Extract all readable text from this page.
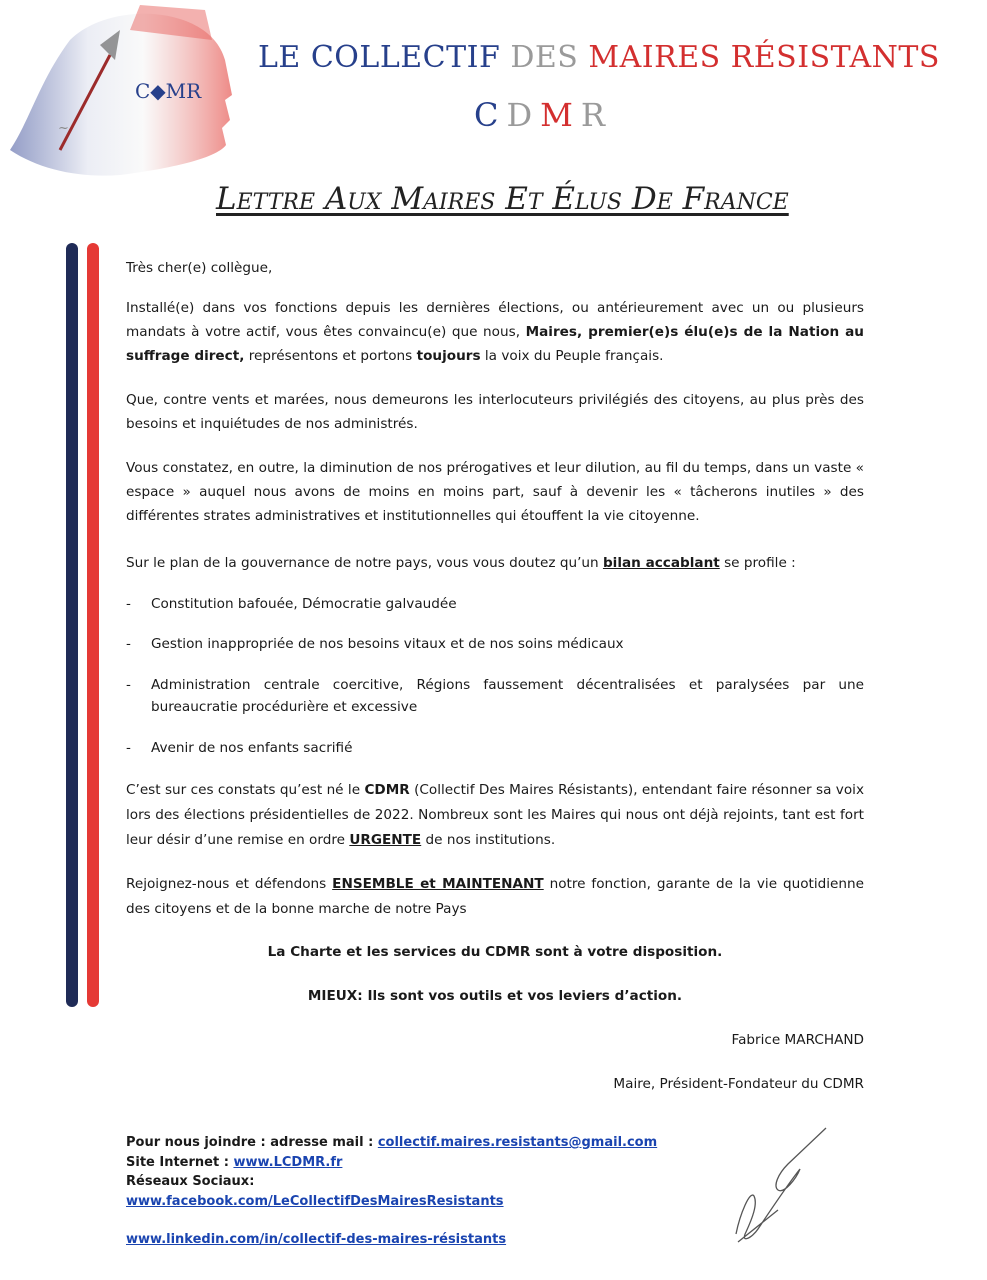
C◆MR
~
LE COLLECTIF DES MAIRES RÉSISTANTS
CDMR
Lettre Aux Maires Et Élus De France

Très cher(e) collègue,

Installé(e) dans vos fonctions depuis les dernières élections, ou antérieurement avec un ou plusieurs mandats à votre actif, vous êtes convaincu(e) que nous, Maires, premier(e)s élu(e)s de la Nation au suffrage direct, représentons et portons toujours la voix du Peuple français.

Que, contre vents et marées, nous demeurons les interlocuteurs privilégiés des citoyens, au plus près des besoins et inquiétudes de nos administrés.

Vous constatez, en outre, la diminution de nos prérogatives et leur dilution, au fil du temps, dans un vaste « espace » auquel nous avons de moins en moins part, sauf à devenir les « tâcherons inutiles » des différentes strates administratives et institutionnelles qui étouffent la vie citoyenne.

Sur le plan de la gouvernance de notre pays, vous vous doutez qu’un bilan accablant se profile :

-	Constitution bafouée, Démocratie galvaudée
-	Gestion inappropriée de nos besoins vitaux et de nos soins médicaux
-	Administration centrale coercitive, Régions faussement décentralisées et paralysées par une bureaucratie procédurière et excessive
-	Avenir de nos enfants sacrifié

C’est sur ces constats qu’est né le CDMR (Collectif Des Maires Résistants), entendant faire résonner sa voix lors des élections présidentielles de 2022. Nombreux sont les Maires qui nous ont déjà rejoints, tant est fort leur désir d’une remise en ordre URGENTE de nos institutions.

Rejoignez-nous et défendons ENSEMBLE et MAINTENANT notre fonction, garante de la vie quotidienne des citoyens et de la bonne marche de notre Pays

La Charte et les services du CDMR sont à votre disposition.

MIEUX: Ils sont vos outils et vos leviers d’action.

Fabrice MARCHAND

Maire, Président-Fondateur du CDMR

Pour nous joindre : adresse mail : collectif.maires.resistants@gmail.com
Site Internet : www.LCDMR.fr
Réseaux Sociaux:
www.facebook.com/LeCollectifDesMairesResistants
www.linkedin.com/in/collectif-des-maires-résistants
